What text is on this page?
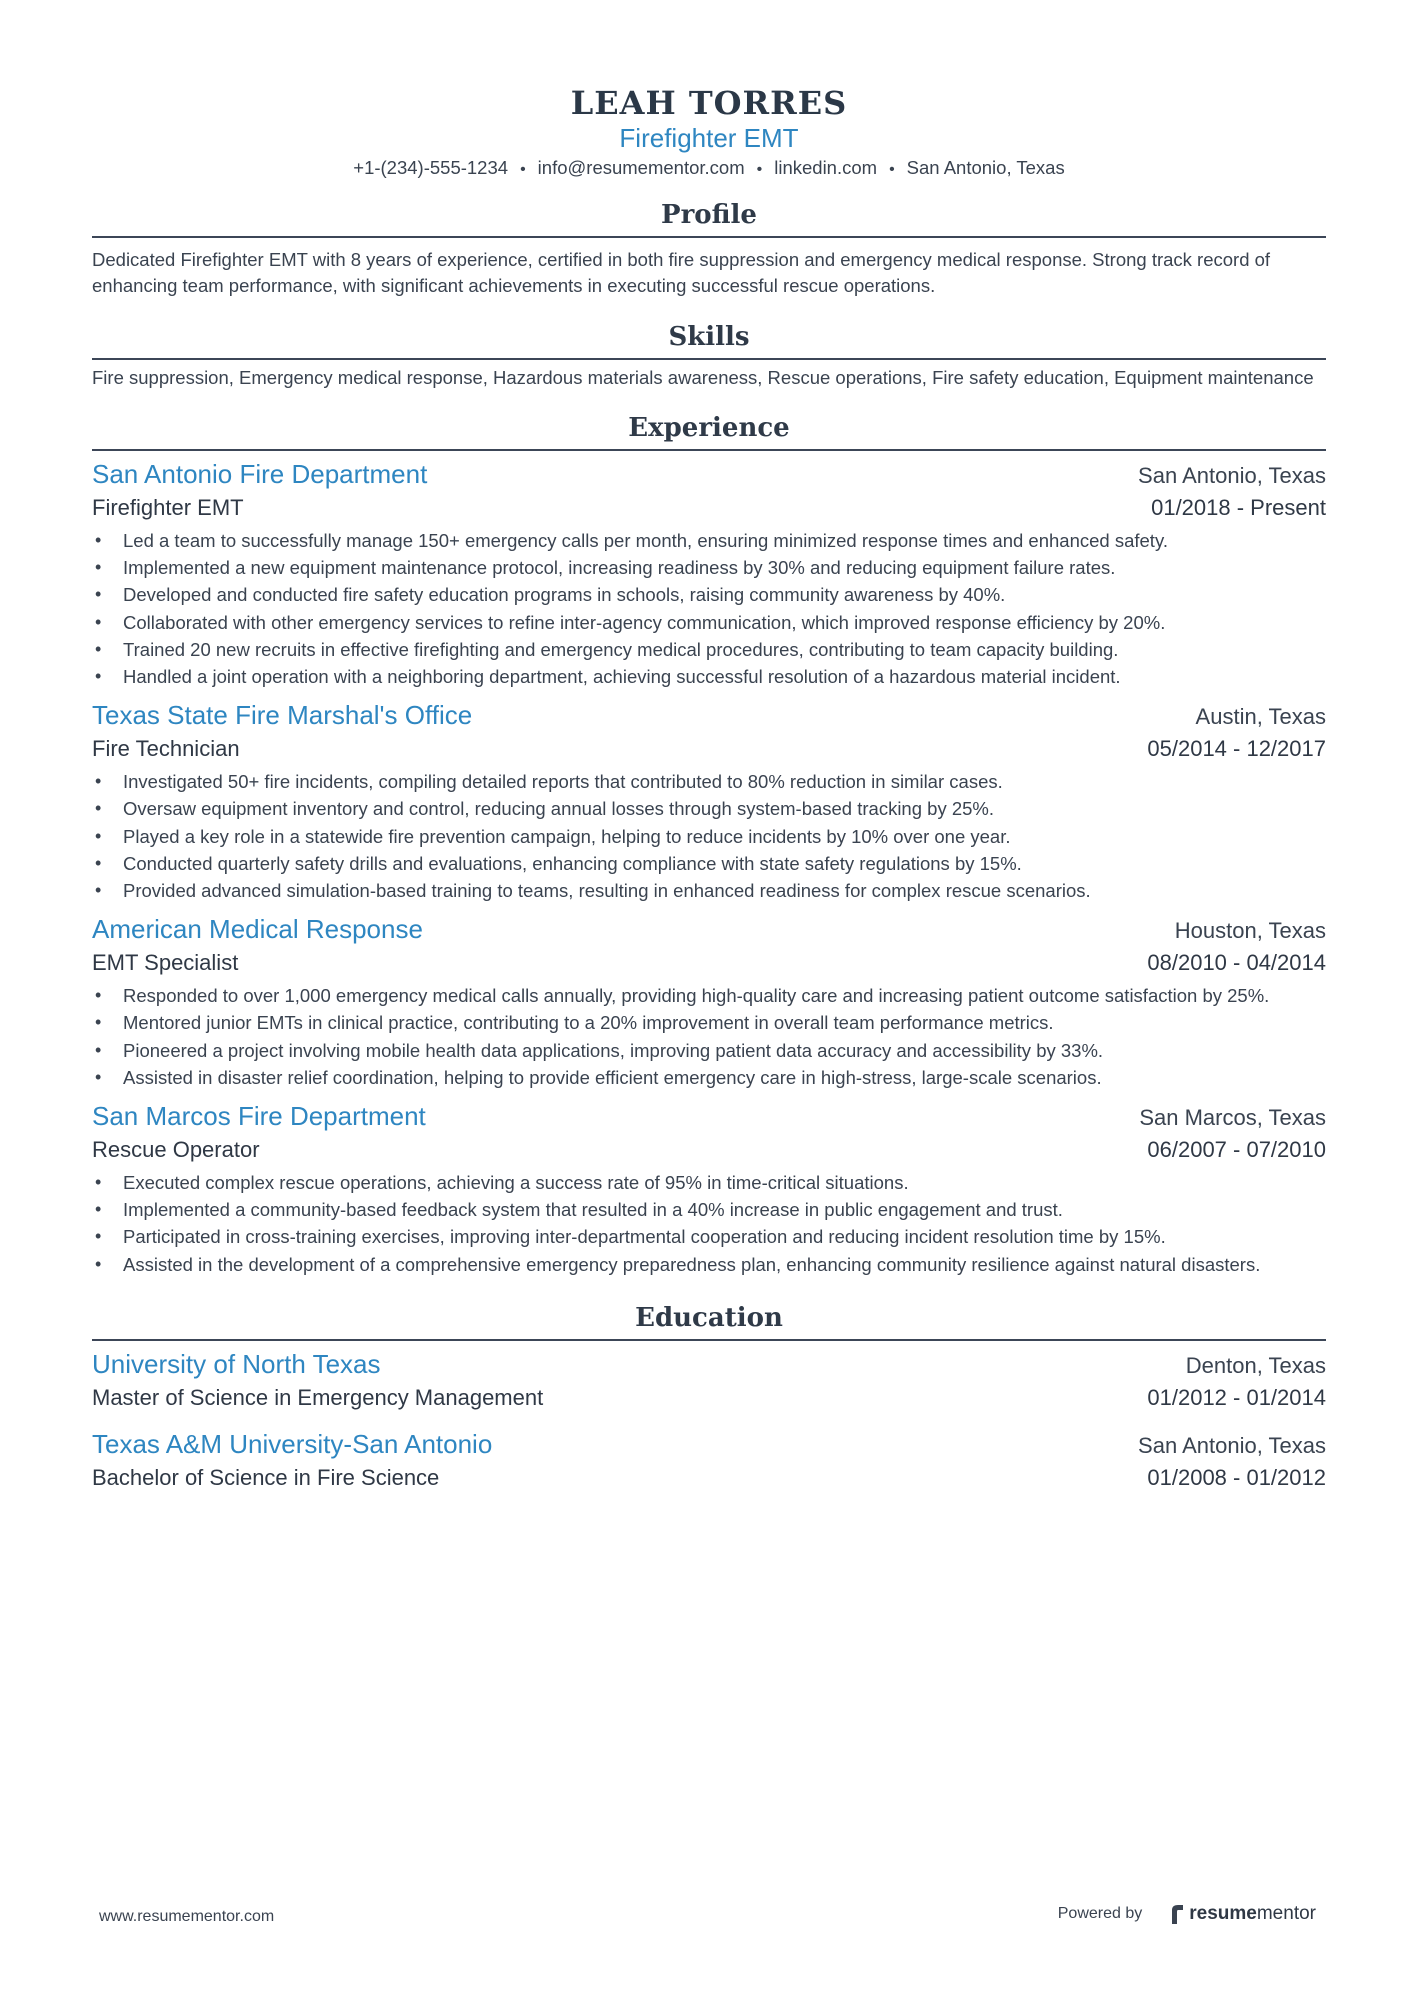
LEAH TORRES
Firefighter EMT
+1-(234)-555-1234 • info@resumementor.com • linkedin.com • San Antonio, Texas
Profile

Dedicated Firefighter EMT with 8 years of experience, certified in both fire suppression and emergency medical response. Strong track record of enhancing team performance, with significant achievements in executing successful rescue operations.

Skills

Fire suppression, Emergency medical response, Hazardous materials awareness, Rescue operations, Fire safety education, Equipment maintenance

Experience
San Antonio Fire Department	San Antonio, Texas
Firefighter EMT	01/2018 - Present
• Led a team to successfully manage 150+ emergency calls per month, ensuring minimized response times and enhanced safety.
• Implemented a new equipment maintenance protocol, increasing readiness by 30% and reducing equipment failure rates.
• Developed and conducted fire safety education programs in schools, raising community awareness by 40%.
• Collaborated with other emergency services to refine inter-agency communication, which improved response efficiency by 20%.
• Trained 20 new recruits in effective firefighting and emergency medical procedures, contributing to team capacity building.
• Handled a joint operation with a neighboring department, achieving successful resolution of a hazardous material incident.
Texas State Fire Marshal's Office	Austin, Texas
Fire Technician	05/2014 - 12/2017
• Investigated 50+ fire incidents, compiling detailed reports that contributed to 80% reduction in similar cases.
• Oversaw equipment inventory and control, reducing annual losses through system-based tracking by 25%.
• Played a key role in a statewide fire prevention campaign, helping to reduce incidents by 10% over one year.
• Conducted quarterly safety drills and evaluations, enhancing compliance with state safety regulations by 15%.
• Provided advanced simulation-based training to teams, resulting in enhanced readiness for complex rescue scenarios.
American Medical Response	Houston, Texas
EMT Specialist	08/2010 - 04/2014
• Responded to over 1,000 emergency medical calls annually, providing high-quality care and increasing patient outcome satisfaction by 25%.
• Mentored junior EMTs in clinical practice, contributing to a 20% improvement in overall team performance metrics.
• Pioneered a project involving mobile health data applications, improving patient data accuracy and accessibility by 33%.
• Assisted in disaster relief coordination, helping to provide efficient emergency care in high-stress, large-scale scenarios.
San Marcos Fire Department	San Marcos, Texas
Rescue Operator	06/2007 - 07/2010
• Executed complex rescue operations, achieving a success rate of 95% in time-critical situations.
• Implemented a community-based feedback system that resulted in a 40% increase in public engagement and trust.
• Participated in cross-training exercises, improving inter-departmental cooperation and reducing incident resolution time by 15%.
• Assisted in the development of a comprehensive emergency preparedness plan, enhancing community resilience against natural disasters.
Education
University of North Texas	Denton, Texas
Master of Science in Emergency Management	01/2012 - 01/2014
Texas A&M University-San Antonio	San Antonio, Texas
Bachelor of Science in Fire Science	01/2008 - 01/2012
www.resumementor.com	Powered by resumementor
